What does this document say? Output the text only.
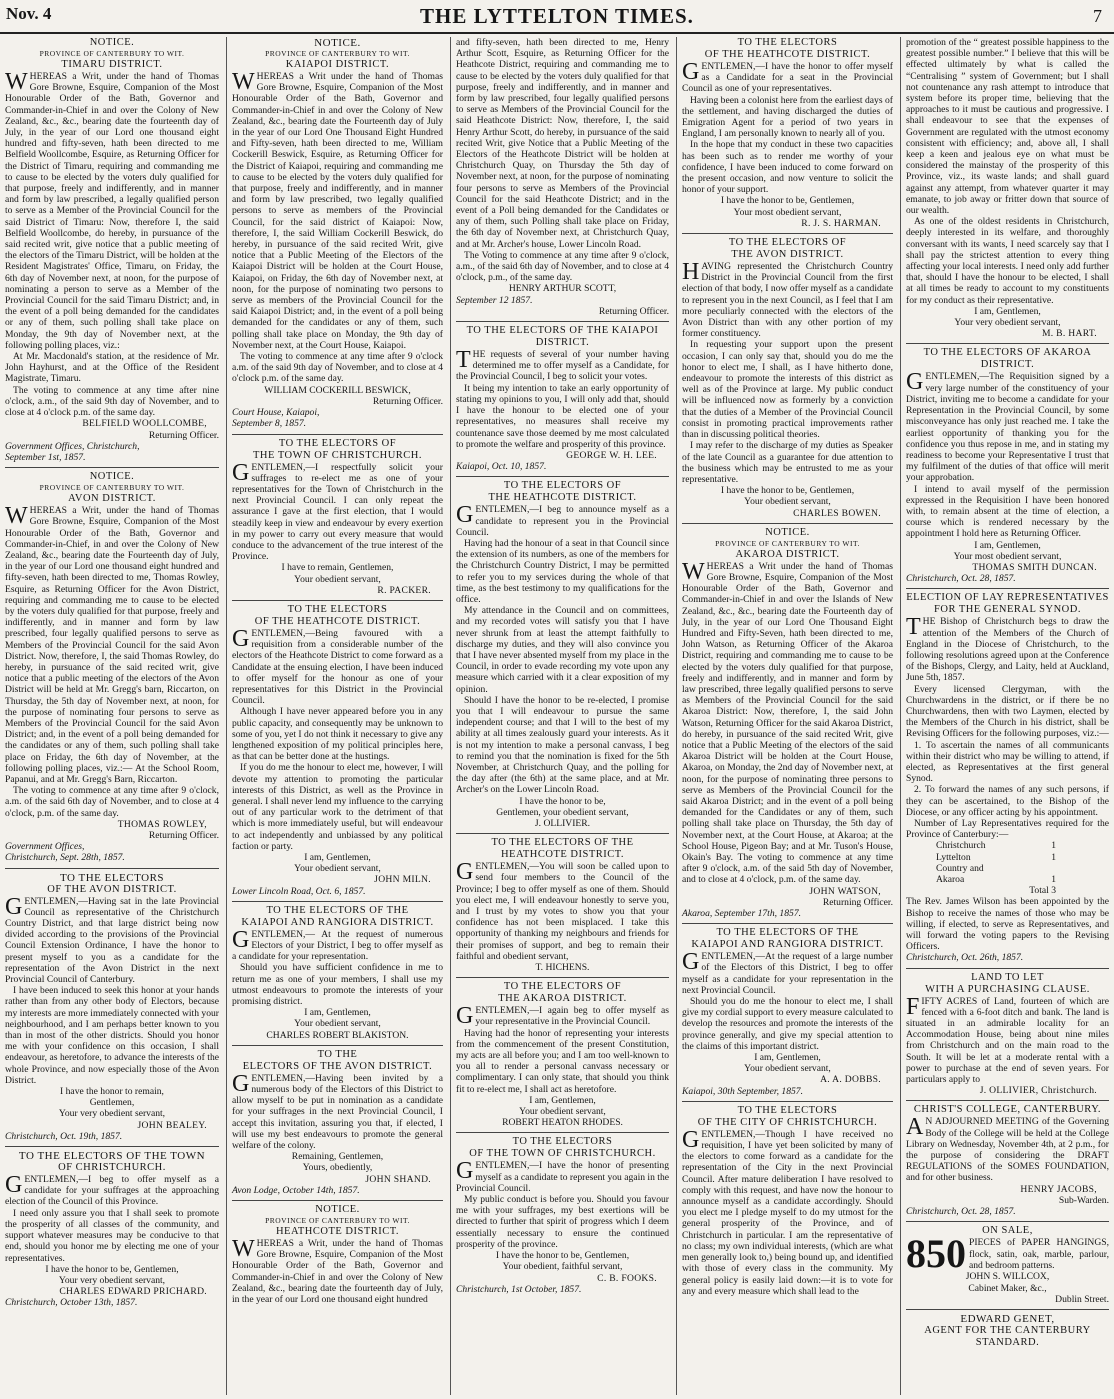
Nov. 4	THE LYTTELTON TIMES.	7
NOTICE.
PROVINCE OF CANTERBURY TO WIT.
TIMARU DISTRICT.

WHEREAS a Writ, under the hand of Thomas Gore Browne, Esquire, Companion of the Most Honourable Order of the Bath, Governor and Commander-in-Chief in and over the Colony of New Zealand, &c., &c., bearing date the fourteenth day of July, in the year of our Lord one thousand eight hundred and fifty-seven, hath been directed to me Belfield Woollcombe, Esquire, as Returning Officer for the District of Timaru, requiring and commanding me to cause to be elected by the voters duly qualified for that purpose, freely and indifferently, and in manner and form by law prescribed, a legally qualified person to serve as a Member of the Provincial Council for the said District of Timaru: Now, therefore I, the said Belfield Woollcombe, do hereby, in pursuance of the said recited writ, give notice that a public meeting of the electors of the Timaru District, will be holden at the Resident Magistrates' Office, Timaru, on Friday, the 6th day of November next, at noon, for the purpose of nominating a person to serve as a Member of the Provincial Council for the said Timaru District; and, in the event of a poll being demanded for the candidates or any of them, such polling shall take place on Monday, the 9th day of November next, at the following polling places, viz.:

At Mr. Macdonald's station, at the residence of Mr. John Hayhurst, and at the Office of the Resident Magistrate, Timaru.

The voting to commence at any time after nine o'clock, a.m., of the said 9th day of November, and to close at 4 o'clock p.m. of the same day.

BELFIELD WOOLLCOMBE,
Returning Officer.
Government Offices, Christchurch,
September 1st, 1857.
NOTICE.
PROVINCE OF CANTERBURY TO WIT.
AVON DISTRICT.

WHEREAS a Writ, under the hand of Thomas Gore Browne, Esquire, Companion of the Most Honourable Order of the Bath, Governor and Commander-in-Chief, in and over the Colony of New Zealand, &c., bearing date the Fourteenth day of July, in the year of our Lord one thousand eight hundred and fifty-seven, hath been directed to me, Thomas Rowley, Esquire, as Returning Officer for the Avon District, requiring and commanding me to cause to be elected by the voters duly qualified for that purpose, freely and indifferently, and in manner and form by law prescribed, four legally qualified persons to serve as Members of the Provincial Council for the said Avon District. Now, therefore, I, the said Thomas Rowley, do hereby, in pursuance of the said recited writ, give notice that a public meeting of the electors of the Avon District will be held at Mr. Gregg's barn, Riccarton, on Thursday, the 5th day of November next, at noon, for the purpose of nominating four persons to serve as Members of the Provincial Council for the said Avon District; and, in the event of a poll being demanded for the candidates or any of them, such polling shall take place on Friday, the 6th day of November, at the following polling places, viz.:— At the School Room, Papanui, and at Mr. Gregg's Barn, Riccarton.

The voting to commence at any time after 9 o'clock, a.m. of the said 6th day of November, and to close at 4 o'clock, p.m. of the same day.

THOMAS ROWLEY,
Returning Officer.
Government Offices,
Christchurch, Sept. 28th, 1857.
TO THE ELECTORS
OF THE AVON DISTRICT.

GENTLEMEN,—Having sat in the late Provincial Council as representative of the Christchurch Country District, and that large district being now divided according to the provisions of the Provincial Council Extension Ordinance, I have the honor to present myself to you as a candidate for the representation of the Avon District in the next Provincial Council of Canterbury.

I have been induced to seek this honor at your hands rather than from any other body of Electors, because my interests are more immediately connected with your neighbourhood, and I am perhaps better known to you than in most of the other districts. Should you honor me with your confidence on this occasion, I shall endeavour, as heretofore, to advance the interests of the whole Province, and now especially those of the Avon District.

I have the honor to remain,
Gentlemen,
Your very obedient servant,
JOHN BEALEY.
Christchurch, Oct. 19th, 1857.
TO THE ELECTORS OF THE TOWN
OF CHRISTCHURCH.

GENTLEMEN,—I beg to offer myself as a candidate for your suffrages at the approaching election of the Council of this Province.

I need only assure you that I shall seek to promote the prosperity of all classes of the community, and support whatever measures may be conducive to that end, should you honor me by electing me one of your representatives.

I have the honor to be, Gentlemen,
Your very obedient servant,
CHARLES EDWARD PRICHARD.
Christchurch, October 13th, 1857.
NOTICE.
PROVINCE OF CANTERBURY TO WIT.
KAIAPOI DISTRICT.

WHEREAS a Writ under the hand of Thomas Gore Browne, Esquire, Companion of the Most Honourable Order of the Bath, Governor and Commander-in-Chief in and over the Colony of New Zealand, &c., bearing date the Fourteenth day of July in the year of our Lord One Thousand Eight Hundred and Fifty-seven, hath been directed to me, William Cockerill Beswick, Esquire, as Returning Officer for the District of Kaiapoi, requiring and commanding me to cause to be elected by the voters duly qualified for that purpose, freely and indifferently, and in manner and form by law prescribed, two legally qualified persons to serve as members of the Provincial Council, for the said district of Kaiapoi: Now, therefore, I, the said William Cockerill Beswick, do hereby, in pursuance of the said recited Writ, give notice that a Public Meeting of the Electors of the Kaiapoi District will be holden at the Court House, Kaiapoi, on Friday, the 6th day of November next, at noon, for the purpose of nominating two persons to serve as members of the Provincial Council for the said Kaiapoi District; and, in the event of a poll being demanded for the candidates or any of them, such polling shall take place on Monday, the 9th day of November next, at the Court House, Kaiapoi.

The voting to commence at any time after 9 o'clock a.m. of the said 9th day of November, and to close at 4 o'clock p.m. of the same day.

WILLIAM COCKERILL BESWICK,
Returning Officer.
Court House, Kaiapoi,
September 8, 1857.
TO THE ELECTORS OF
THE TOWN OF CHRISTCHURCH.

GENTLEMEN,—I respectfully solicit your suffrages to re-elect me as one of your representatives for the Town of Christchurch in the next Provincial Council. I can only repeat the assurance I gave at the first election, that I would steadily keep in view and endeavour by every exertion in my power to carry out every measure that would conduce to the advancement of the true interest of the Province.

I have to remain, Gentlemen,
Your obedient servant,
R. PACKER.
TO THE ELECTORS
OF THE HEATHCOTE DISTRICT.

GENTLEMEN,—Being favoured with a requisition from a considerable number of the electors of the Heathcote District to come forward as a Candidate at the ensuing election, I have been induced to offer myself for the honour as one of your representatives for this District in the Provincial Council.

Although I have never appeared before you in any public capacity, and consequently may be unknown to some of you, yet I do not think it necessary to give any lengthened exposition of my political principles here, as that can be better done at the hustings.

If you do me the honour to elect me, however, I will devote my attention to promoting the particular interests of this District, as well as the Province in general. I shall never lend my influence to the carrying out of any particular work to the detriment of that which is more immediately useful, but will endeavour to act independently and unbiassed by any political faction or party.

I am, Gentlemen,
Your obedient servant,
JOHN MILN.
Lower Lincoln Road, Oct. 6, 1857.
TO THE ELECTORS OF THE
KAIAPOI AND RANGIORA DISTRICT.

GENTLEMEN,— At the request of numerous Electors of your District, I beg to offer myself as a candidate for your representation.

Should you have sufficient confidence in me to return me as one of your members, I shall use my utmost endeavours to promote the interests of your promising district.

I am, Gentlemen,
Your obedient servant,
CHARLES ROBERT BLAKISTON.
TO THE
ELECTORS OF THE AVON DISTRICT.

GENTLEMEN,—Having been invited by a numerous body of the Electors of this District to allow myself to be put in nomination as a candidate for your suffrages in the next Provincial Council, I accept this invitation, assuring you that, if elected, I will use my best endeavours to promote the general welfare of the colony.

Remaining, Gentlemen,
Yours, obediently,
JOHN SHAND.
Avon Lodge, October 14th, 1857.
NOTICE.
PROVINCE OF CANTERBURY TO WIT.
HEATHCOTE DISTRICT.

WHEREAS a Writ, under the hand of Thomas Gore Browne, Esquire, Companion of the Most Honourable Order of the Bath, Governor and Commander-in-Chief in and over the Colony of New Zealand, &c., bearing date the fourteenth day of July, in the year of our Lord one thousand eight hundred

and fifty-seven, hath been directed to me, Henry Arthur Scott, Esquire, as Returning Officer for the Heathcote District, requiring and commanding me to cause to be elected by the voters duly qualified for that purpose, freely and indifferently, and in manner and form by law prescribed, four legally qualified persons to serve as Members of the Provincial Council for the said Heathcote District: Now, therefore, I, the said Henry Arthur Scott, do hereby, in pursuance of the said recited Writ, give Notice that a Public Meeting of the Electors of the Heathcote District will be holden at Christchurch Quay, on Thursday the 5th day of November next, at noon, for the purpose of nominating four persons to serve as Members of the Provincial Council for the said Heathcote District; and in the event of a Poll being demanded for the Candidates or any of them, such Polling shall take place on Friday, the 6th day of November next, at Christchurch Quay, and at Mr. Archer's house, Lower Lincoln Road.

The Voting to commence at any time after 9 o'clock, a.m., of the said 6th day of November, and to close at 4 o'clock, p.m., of the same day.

HENRY ARTHUR SCOTT,
September 12 1857.
Returning Officer.
TO THE ELECTORS OF THE KAIAPOI
DISTRICT.

THE requests of several of your number having determined me to offer myself as a Candidate, for the Provincial Council, I beg to solicit your votes.

It being my intention to take an early opportunity of stating my opinions to you, I will only add that, should I have the honour to be elected one of your representatives, no measures shall receive my countenance save those deemed by me most calculated to promote the welfare and prosperity of this province.

GEORGE W. H. LEE.
Kaiapoi, Oct. 10, 1857.
TO THE ELECTORS OF
THE HEATHCOTE DISTRICT.

GENTLEMEN,—I beg to announce myself as a candidate to represent you in the Provincial Council.

Having had the honour of a seat in that Council since the extension of its numbers, as one of the members for the Christchurch Country District, I may be permitted to refer you to my services during the whole of that time, as the best testimony to my qualifications for the office.

My attendance in the Council and on committees, and my recorded votes will satisfy you that I have never shrunk from at least the attempt faithfully to discharge my duties, and they will also convince you that I have never absented myself from my place in the Council, in order to evade recording my vote upon any measure which carried with it a clear exposition of my opinion.

Should I have the honor to be re-elected, I promise you that I will endeavour to pursue the same independent course; and that I will to the best of my ability at all times zealously guard your interests. As it is not my intention to make a personal canvass, I beg to remind you that the nomination is fixed for the 5th November, at Christchurch Quay, and the polling for the day after (the 6th) at the same place, and at Mr. Archer's on the Lower Lincoln Road.

I have the honor to be,
Gentlemen, your obedient servant,
J. OLLIVIER.
TO THE ELECTORS OF THE
HEATHCOTE DISTRICT.

GENTLEMEN,—You will soon be called upon to send four members to the Council of the Province; I beg to offer myself as one of them. Should you elect me, I will endeavour honestly to serve you, and I trust by my votes to show you that your confidence has not been misplaced. I take this opportunity of thanking my neighbours and friends for their promises of support, and beg to remain their faithful and obedient servant,

T. HICHENS.
TO THE ELECTORS OF
THE AKAROA DISTRICT.

GENTLEMEN,—I again beg to offer myself as your representative in the Provincial Council.

Having had the honor of representing your interests from the commencement of the present Constitution, my acts are all before you; and I am too well-known to you all to render a personal canvass necessary or complimentary. I can only state, that should you think fit to re-elect me, I shall act as heretofore.

I am, Gentlemen,
Your obedient servant,
ROBERT HEATON RHODES.
TO THE ELECTORS
OF THE TOWN OF CHRISTCHURCH.

GENTLEMEN,—I have the honor of presenting myself as a candidate to represent you again in the Provincial Council.

My public conduct is before you. Should you favour me with your suffrages, my best exertions will be directed to further that spirit of progress which I deem essentially necessary to ensure the continued prosperity of the province.

I have the honor to be, Gentlemen,
Your obedient, faithful servant,
C. B. FOOKS.
Christchurch, 1st October, 1857.
TO THE ELECTORS
OF THE HEATHCOTE DISTRICT.

GENTLEMEN,—I have the honor to offer myself as a Candidate for a seat in the Provincial Council as one of your representatives.

Having been a colonist here from the earliest days of the settlement, and having discharged the duties of Emigration Agent for a period of two years in England, I am personally known to nearly all of you.

In the hope that my conduct in these two capacities has been such as to render me worthy of your confidence, I have been induced to come forward on the present occasion, and now venture to solicit the honor of your support.

I have the honor to be, Gentlemen,
Your most obedient servant,
R. J. S. HARMAN.
TO THE ELECTORS OF
THE AVON DISTRICT.

HAVING represented the Christchurch Country District in the Provincial Council from the first election of that body, I now offer myself as a candidate to represent you in the next Council, as I feel that I am more peculiarly connected with the electors of the Avon District than with any other portion of my former constituency.

In requesting your support upon the present occasion, I can only say that, should you do me the honor to elect me, I shall, as I have hitherto done, endeavour to promote the interests of this district as well as of the Province at large. My public conduct will be influenced now as formerly by a conviction that the duties of a Member of the Provincial Council consist in promoting practical improvements rather than in discussing political theories.

I may refer to the discharge of my duties as Speaker of the late Council as a guarantee for due attention to the business which may be entrusted to me as your representative.

I have the honor to be, Gentlemen,
Your obedient servant,
CHARLES BOWEN.
NOTICE.
PROVINCE OF CANTERBURY TO WIT.
AKAROA DISTRICT.

WHEREAS a Writ under the hand of Thomas Gore Browne, Esquire, Companion of the Most Honourable Order of the Bath, Governor and Commander-in-Chief in and over the Islands of New Zealand, &c., &c., bearing date the Fourteenth day of July, in the year of our Lord One Thousand Eight Hundred and Fifty-Seven, hath been directed to me, John Watson, as Returning Officer of the Akaroa District, requiring and commanding me to cause to be elected by the voters duly qualified for that purpose, freely and indifferently, and in manner and form by law prescribed, three legally qualified persons to serve as Members of the Provincial Council for the said Akaroa District: Now, therefore, I, the said John Watson, Returning Officer for the said Akaroa District, do hereby, in pursuance of the said recited Writ, give notice that a Public Meeting of the electors of the said Akaroa District will be holden at the Court House, Akaroa, on Monday, the 2nd day of November next, at noon, for the purpose of nominating three persons to serve as Members of the Provincial Council for the said Akaroa District; and in the event of a poll being demanded for the Candidates or any of them, such polling shall take place on Thursday, the 5th day of November next, at the Court House, at Akaroa; at the School House, Pigeon Bay; and at Mr. Tuson's House, Okain's Bay. The voting to commence at any time after 9 o'clock, a.m. of the said 5th day of November, and to close at 4 o'clock, p.m. of the same day.

JOHN WATSON,
Returning Officer.
Akaroa, September 17th, 1857.
TO THE ELECTORS OF THE
KAIAPOI AND RANGIORA DISTRICT.

GENTLEMEN,—At the request of a large number of the Electors of this District, I beg to offer myself as a candidate for your representation in the next Provincial Council.

Should you do me the honour to elect me, I shall give my cordial support to every measure calculated to develop the resources and promote the interests of the province generally, and give my special attention to the claims of this important district.

I am, Gentlemen,
Your obedient servant,
A. A. DOBBS.
Kaiapoi, 30th September, 1857.
TO THE ELECTORS
OF THE CITY OF CHRISTCHURCH.

GENTLEMEN,—Though I have received no requisition, I have yet been solicited by many of the electors to come forward as a candidate for the representation of the City in the next Provincial Council. After mature deliberation I have resolved to comply with this request, and have now the honour to announce myself as a candidate accordingly. Should you elect me I pledge myself to do my utmost for the general prosperity of the Province, and of Christchurch in particular. I am the representative of no class; my own individual interests, (which are what men generally look to,) being bound up, and identified with those of every class in the community. My general policy is easily laid down:—it is to vote for any and every measure which shall lead to the

promotion of the “ greatest possible happiness to the greatest possible number.” I believe that this will be effected ultimately by what is called the “Centralising ” system of Government; but I shall not countenance any rash attempt to introduce that system before its proper time, believing that the approaches to it must be cautious and progressive. I shall endeavour to see that the expenses of Government are regulated with the utmost economy consistent with efficiency; and, above all, I shall keep a keen and jealous eye on what must be considered the mainstay of the prosperity of this Province, viz., its waste lands; and shall guard against any attempt, from whatever quarter it may emanate, to job away or fritter down that source of our wealth.

As one of the oldest residents in Christchurch, deeply interested in its welfare, and thoroughly conversant with its wants, I need scarcely say that I shall pay the strictest attention to every thing affecting your local interests. I need only add further that, should I have the honour to be elected, I shall at all times be ready to account to my constituents for my conduct as their representative.

I am, Gentlemen,
Your very obedient servant,
M. B. HART.
TO THE ELECTORS OF AKAROA
DISTRICT.

GENTLEMEN,—The Requisition signed by a very large number of the constituency of your District, inviting me to become a candidate for your Representation in the Provincial Council, by some misconveyance has only just reached me. I take the earliest opportunity of thanking you for the confidence you thus repose in me, and in stating my readiness to become your Representative I trust that my fulfilment of the duties of that office will merit your approbation.

I intend to avail myself of the permission expressed in the Requisition I have been honored with, to remain absent at the time of election, a course which is rendered necessary by the appointment I hold here as Returning Officer.

I am, Gentlemen,
Your most obedient servant,
THOMAS SMITH DUNCAN.
Christchurch, Oct. 28, 1857.
ELECTION OF LAY REPRESENTATIVES
FOR THE GENERAL SYNOD.

THE Bishop of Christchurch begs to draw the attention of the Members of the Church of England in the Diocese of Christchurch, to the following resolutions agreed upon at the Conference of the Bishops, Clergy, and Laity, held at Auckland, June 5th, 1857.

Every licensed Clergyman, with the Churchwardens in the district, or if there be no Churchwardens, then with two Laymen, elected by the Members of the Church in his district, shall be Revising Officers for the following purposes, viz.:—

1. To ascertain the names of all communicants within their district who may be willing to attend, if elected, as Representatives at the first general Synod.

2. To forward the names of any such persons, if they can be ascertained, to the Bishop of the Diocese, or any officer acting by his appointment.

Number of Lay Representatives required for the Province of Canterbury:—

Christchurch	1
Lyttelton	1
Country and
Akaroa	1
Total 3

The Rev. James Wilson has been appointed by the Bishop to receive the names of those who may be willing, if elected, to serve as Representatives, and will forward the voting papers to the Revising Officers.

Christchurch, Oct. 26th, 1857.
LAND TO LET
WITH A PURCHASING CLAUSE.

FIFTY ACRES of Land, fourteen of which are fenced with a 6-foot ditch and bank. The land is situated in an admirable locality for an Accommodation House, being about nine miles from Christchurch and on the main road to the South. It will be let at a moderate rental with a power to purchase at the end of seven years. For particulars apply to

J. OLLIVIER, Christchurch.
CHRIST'S COLLEGE, CANTERBURY.

AN ADJOURNED MEETING of the Governing Body of the College will be held at the College Library on Wednesday, November 4th, at 2 p.m., for the purpose of considering the DRAFT REGULATIONS of the SOMES FOUNDATION, and for other business.

HENRY JACOBS,
Sub-Warden.
Christchurch, Oct. 28, 1857.
ON SALE,
850 PIECES of PAPER HANGINGS, flock, satin, oak, marble, parlour, and bedroom patterns.

JOHN S. WILLCOX,
Cabinet Maker, &c.,
Dublin Street.
EDWARD GENET,
AGENT FOR THE CANTERBURY
STANDARD.
